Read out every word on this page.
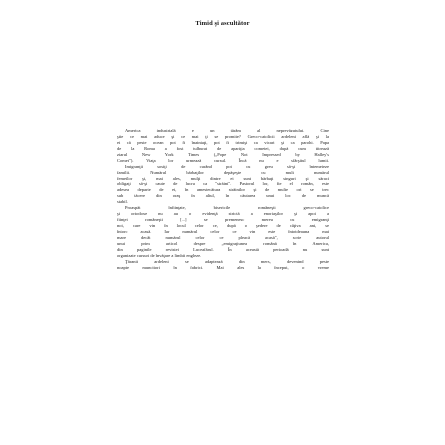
Timid şi ascultător
America industrială e un tărâm al neprevăzutului. Cine
ştie ce mai aduce şi ce mai ţi se promite? Greco-catolicii ardeleni află şi la
ei că peste ocean pot fi înaintaţi, pot fi trimişi ca vicari şi ca parohi. Papa
de la Roma a fost tulburat de apariţia cometei, după cum titrează
ziarul New York Times („Pope Not Impressed by Halley's
Comet"). Viaţa lor urmează cursul. Încă nu e sfârşitul lumii.
Imigranţii sosiţi de curând pot cu greu să-şi întemeieze
familii. Numărul bărbaţilor depăşeşte cu mult numărul
femeilor şi, mai ales, mulţi dintre ei sunt bărbaţi singuri şi săraci
obligaţi să-şi caute de lucru ca "străini". Pastorul lor, fie el român, este
adesea departe de ei, în amestecătura străinilor şi de multe ori se trec
sub tăcere din oraş în altul, în căutarea unui loc de muncă
stabil.
Proaspăt înfiinţate, bisericile româneşti greco-catolice
şi ortodoxe nu au o evidenţă strictă a enoriaşilor şi apoi a
fiinţei româneşti [...] se premenesc mereu cu emigranţi
noi, care vin în locul celor ce, după o şedere de câţiva ani, se
întorc acasă. Iar numărul celor ce vin este întotdeauna mai
mare decât numărul celor ce pleacă acasă", scrie autorul
unui prim articol despre „emigraţiunea română în America,
din paginile revistei Luceafărul. În această perioadă nu sunt
organizate cursuri de învăţare a limbii engleze.
Ţăranii ardeleni se adaptează din mers, devenind peste
noapte muncitori în fabrici. Mai ales la început, o vreme
